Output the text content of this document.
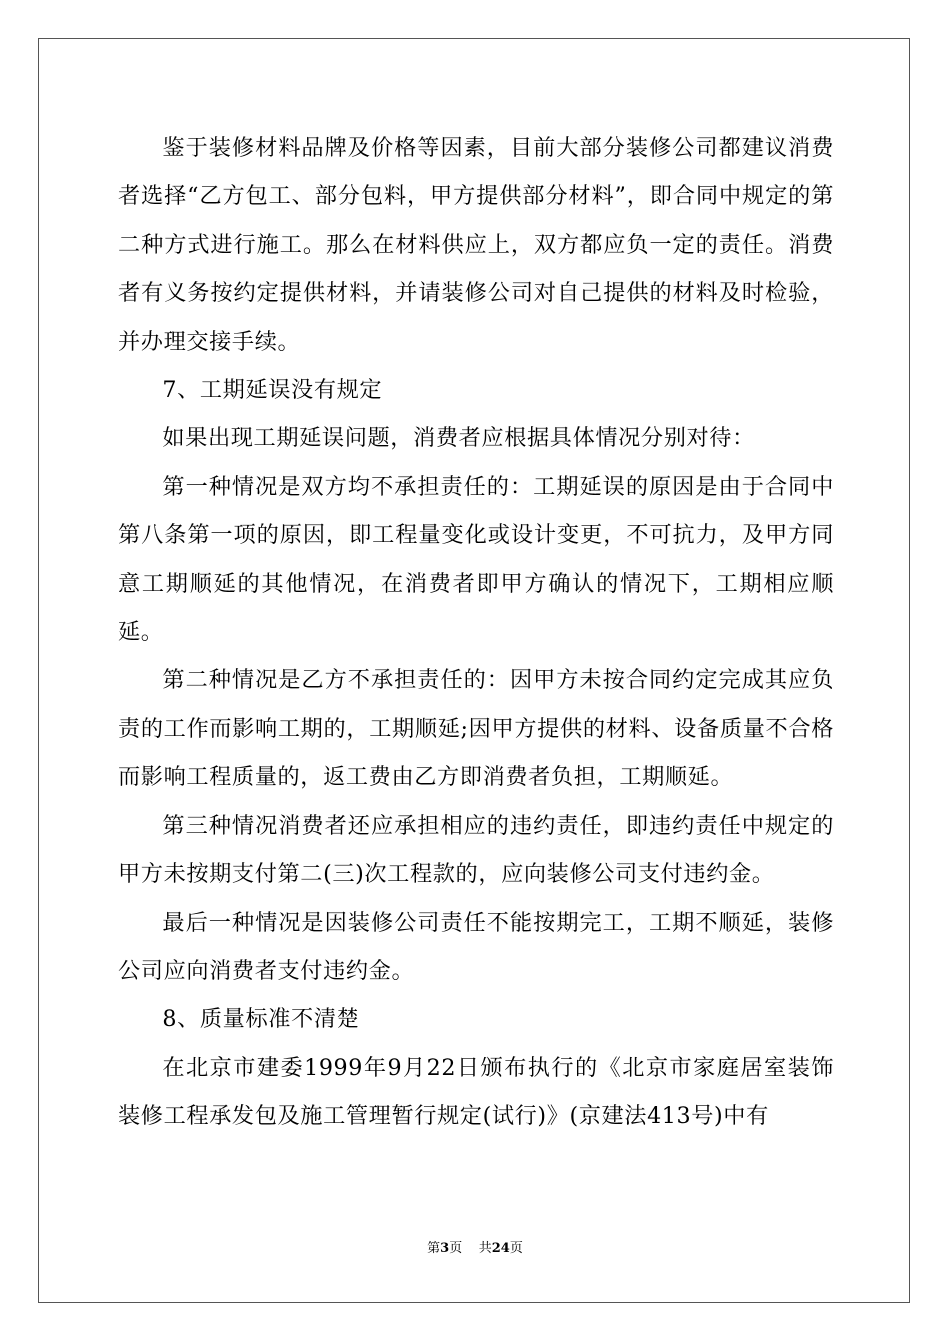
鉴于装修材料品牌及价格等因素，目前大部分装修公司都建议消费者选择“乙方包工、部分包料，甲方提供部分材料”，即合同中规定的第二种方式进行施工。那么在材料供应上，双方都应负一定的责任。消费者有义务按约定提供材料，并请装修公司对自己提供的材料及时检验，并办理交接手续。

7、工期延误没有规定

如果出现工期延误问题，消费者应根据具体情况分别对待：

第一种情况是双方均不承担责任的：工期延误的原因是由于合同中第八条第一项的原因，即工程量变化或设计变更，不可抗力，及甲方同意工期顺延的其他情况，在消费者即甲方确认的情况下，工期相应顺延。

第二种情况是乙方不承担责任的：因甲方未按合同约定完成其应负责的工作而影响工期的，工期顺延;因甲方提供的材料、设备质量不合格而影响工程质量的，返工费由乙方即消费者负担，工期顺延。

第三种情况消费者还应承担相应的违约责任，即违约责任中规定的甲方未按期支付第二(三)次工程款的，应向装修公司支付违约金。

最后一种情况是因装修公司责任不能按期完工，工期不顺延，装修公司应向消费者支付违约金。

8、质量标准不清楚

在北京市建委1999年9月22日颁布执行的《北京市家庭居室装饰装修工程承发包及施工管理暂行规定(试行)》(京建法413号)中有

第3页 共24页
